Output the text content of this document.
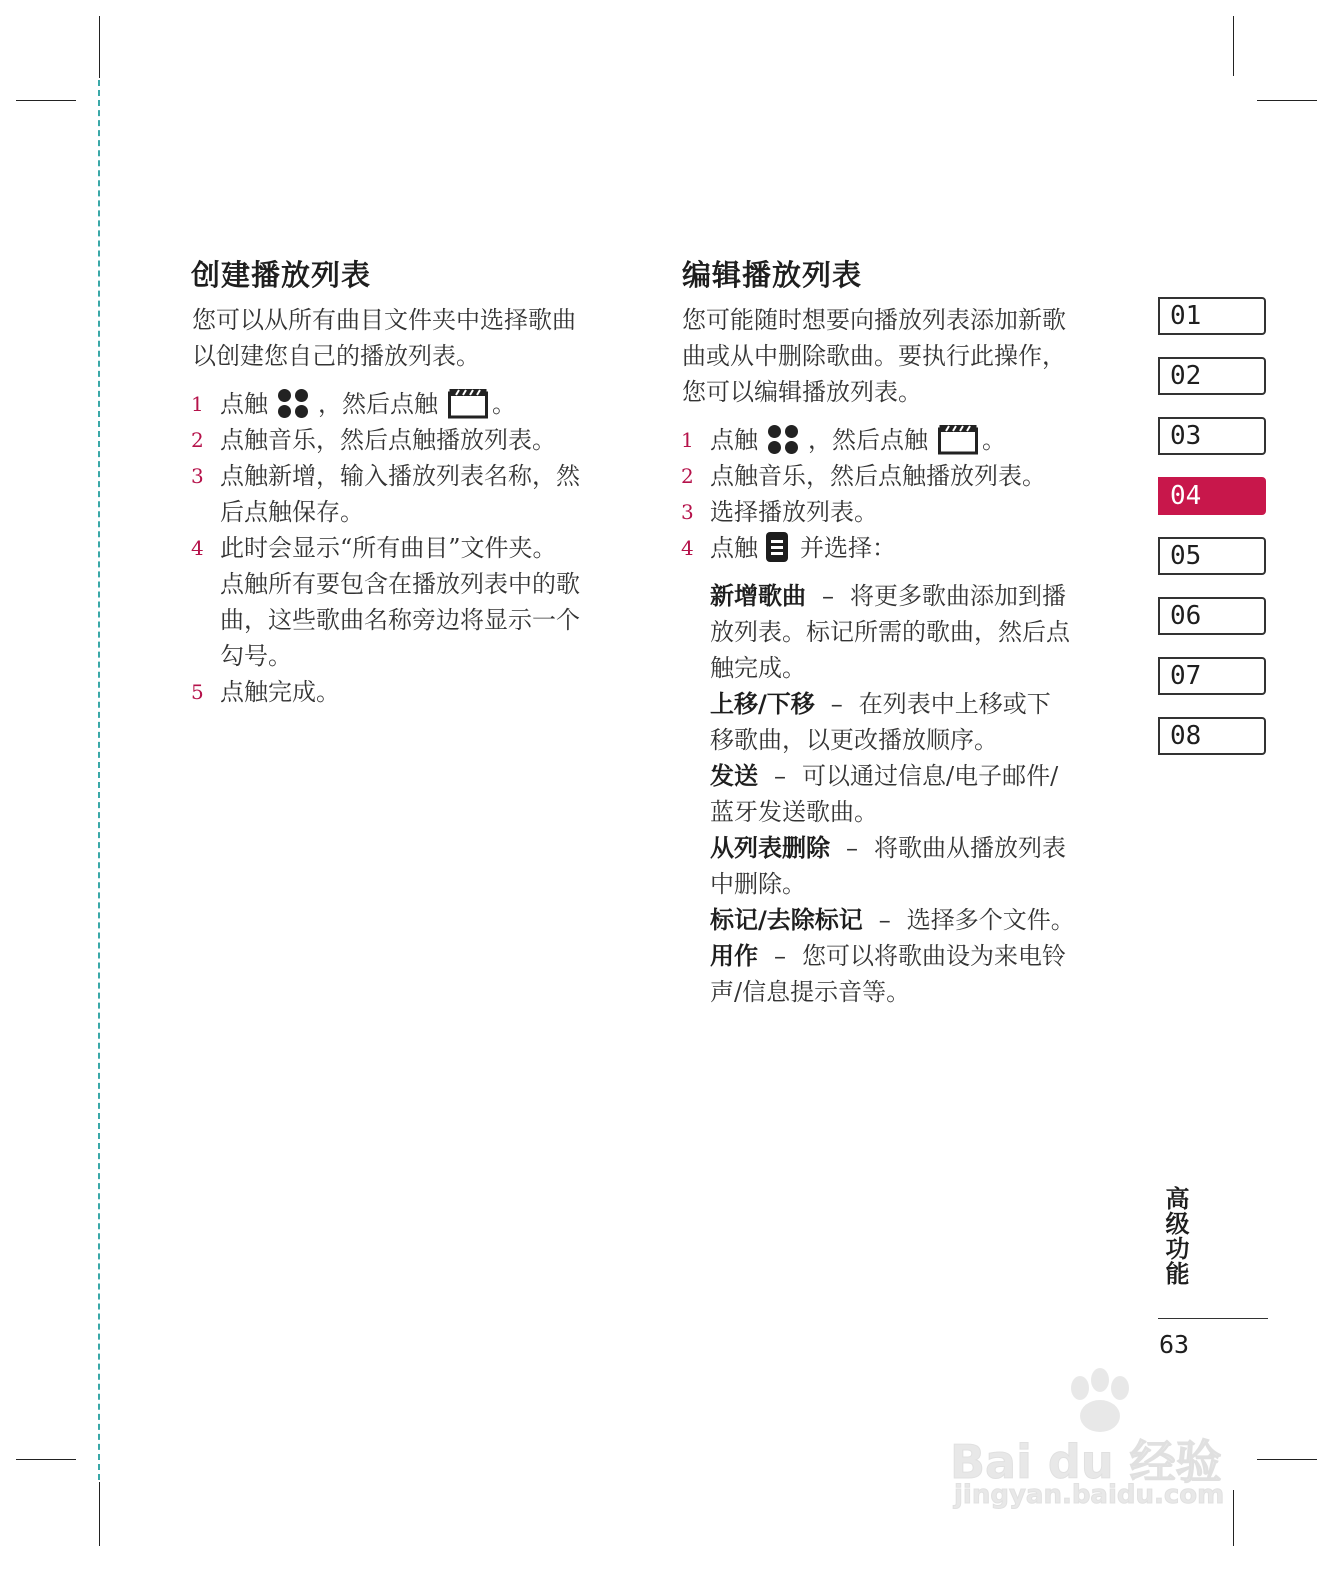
创建播放列表
您可以从所有曲目文件夹中选择歌曲
以创建您自己的播放列表。
1 点触 ，然后点触 。
2 点触音乐，然后点触播放列表。
3 点触新增，输入播放列表名称，然
后点触保存。
4 此时会显示“所有曲目”文件夹。
点触所有要包含在播放列表中的歌
曲，这些歌曲名称旁边将显示一个
勾号。
5 点触完成。
编辑播放列表
您可能随时想要向播放列表添加新歌
曲或从中删除歌曲。要执行此操作，
您可以编辑播放列表。
1 点触 ，然后点触 。
2 点触音乐，然后点触播放列表。
3 选择播放列表。
4 点触 并选择：
新增歌曲 – 将更多歌曲添加到播
放列表。标记所需的歌曲，然后点
触完成。
上移/下移 – 在列表中上移或下
移歌曲，以更改播放顺序。
发送 – 可以通过信息/电子邮件/
蓝牙发送歌曲。
从列表删除 – 将歌曲从播放列表
中删除。
标记/去除标记 – 选择多个文件。
用作 – 您可以将歌曲设为来电铃
声/信息提示音等。
01
02
03
04
05
06
07
08
高级功能
63
Bai du 经验
jingyan.baidu.com
